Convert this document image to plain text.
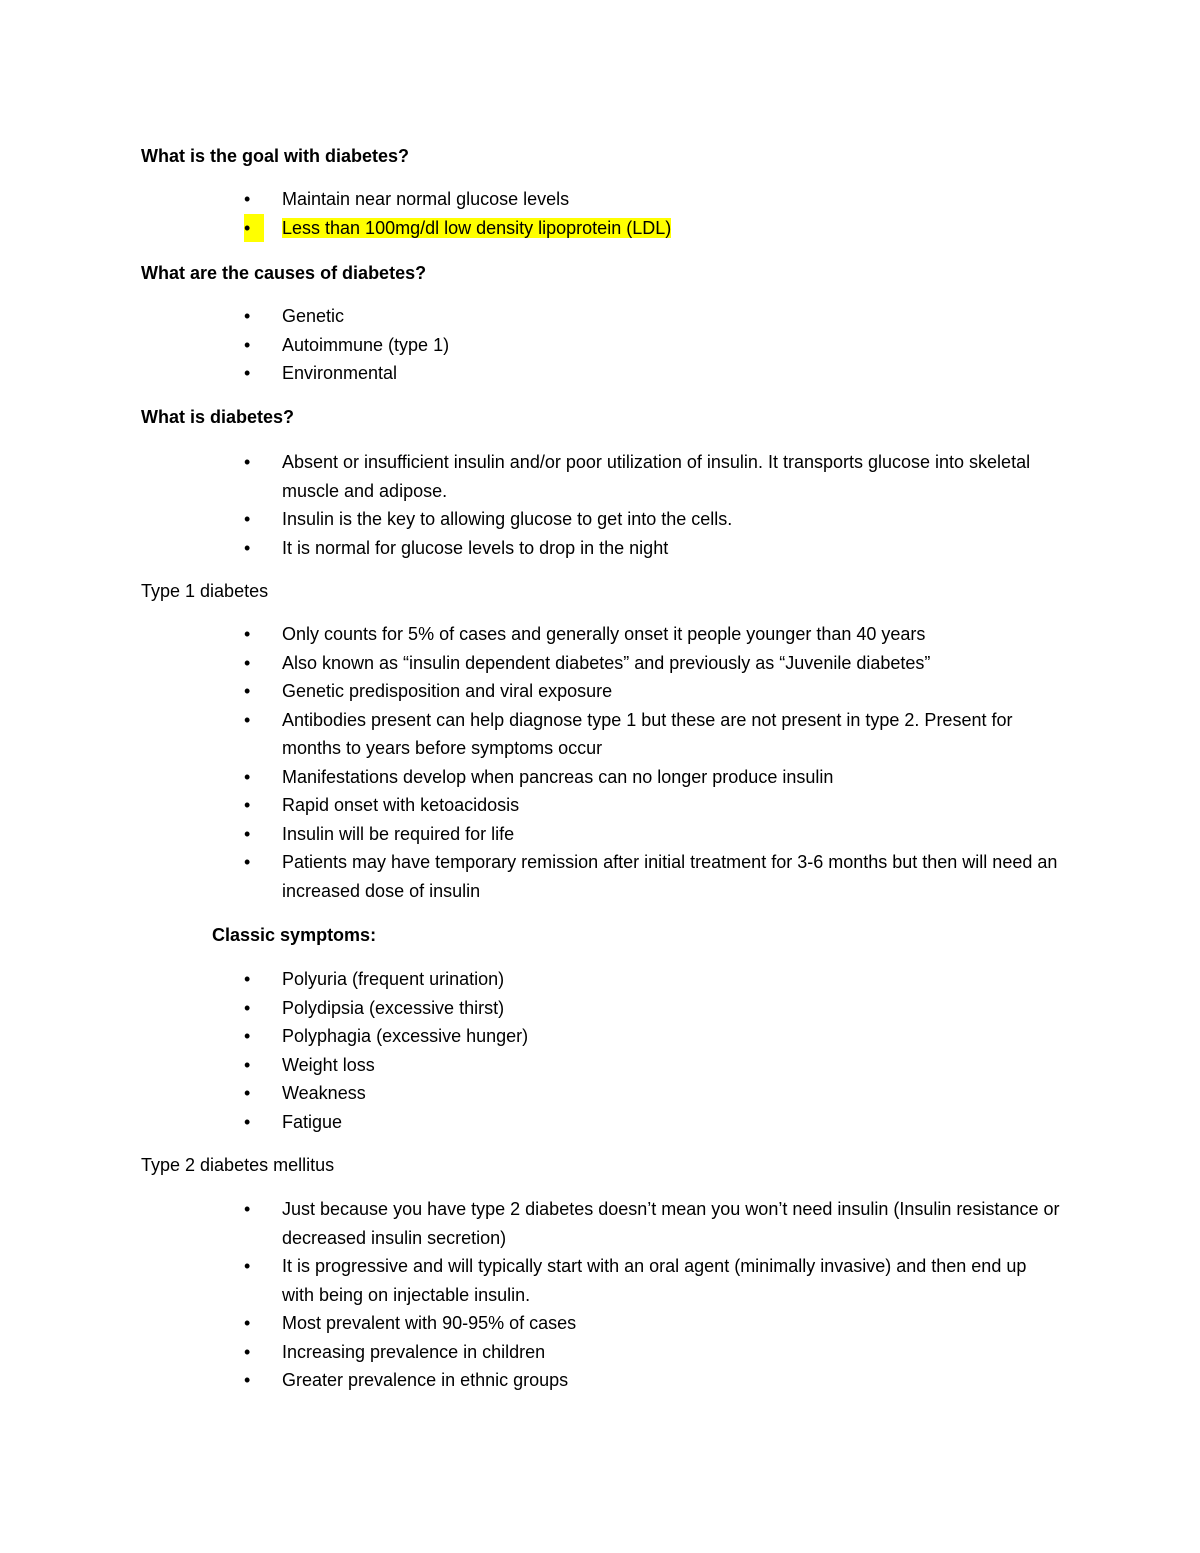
What is the goal with diabetes?
•	Maintain near normal glucose levels
•	Less than 100mg/dl low density lipoprotein (LDL)
What are the causes of diabetes?
•	Genetic
•	Autoimmune (type 1)
•	Environmental
What is diabetes?
•	Absent or insufficient insulin and/or poor utilization of insulin. It transports glucose into skeletal muscle and adipose.
•	Insulin is the key to allowing glucose to get into the cells.
•	It is normal for glucose levels to drop in the night
Type 1 diabetes
•	Only counts for 5% of cases and generally onset it people younger than 40 years
•	Also known as “insulin dependent diabetes” and previously as “Juvenile diabetes”
•	Genetic predisposition and viral exposure
•	Antibodies present can help diagnose type 1 but these are not present in type 2. Present for months to years before symptoms occur
•	Manifestations develop when pancreas can no longer produce insulin
•	Rapid onset with ketoacidosis
•	Insulin will be required for life
•	Patients may have temporary remission after initial treatment for 3-6 months but then will need an increased dose of insulin
Classic symptoms:
•	Polyuria (frequent urination)
•	Polydipsia (excessive thirst)
•	Polyphagia (excessive hunger)
•	Weight loss
•	Weakness
•	Fatigue
Type 2 diabetes mellitus
•	Just because you have type 2 diabetes doesn’t mean you won’t need insulin (Insulin resistance or decreased insulin secretion)
•	It is progressive and will typically start with an oral agent (minimally invasive) and then end up with being on injectable insulin.
•	Most prevalent with 90-95% of cases
•	Increasing prevalence in children
•	Greater prevalence in ethnic groups
